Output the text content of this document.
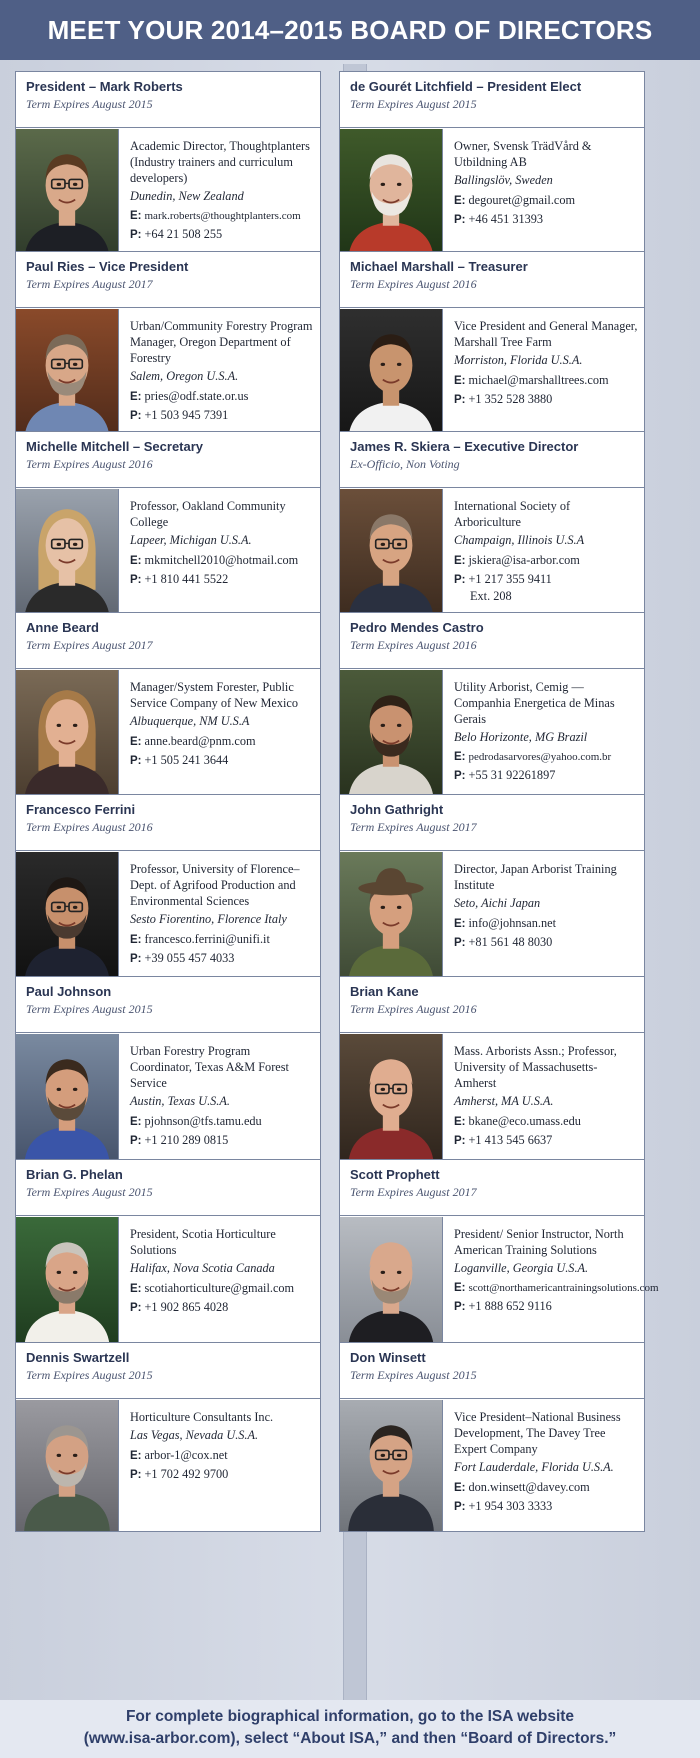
MEET YOUR 2014–2015 BOARD OF DIRECTORS
President – Mark Roberts
Term Expires August 2015
Academic Director, Thoughtplanters (Industry trainers and curriculum developers)
Dunedin, New Zealand
E: mark.roberts@thoughtplanters.com
P: +64 21 508 255
de Gourét Litchfield – President Elect
Term Expires August 2015
Owner, Svensk TrädVård & Utbildning AB
Ballingslöv, Sweden
E: degouret@gmail.com
P: +46 451 31393
Paul Ries – Vice President
Term Expires August 2017
Urban/Community Forestry Program Manager, Oregon Department of Forestry
Salem, Oregon U.S.A.
E: pries@odf.state.or.us
P: +1 503 945 7391
Michael Marshall – Treasurer
Term Expires August 2016
Vice President and General Manager, Marshall Tree Farm
Morriston, Florida U.S.A.
E: michael@marshalltrees.com
P: +1 352 528 3880
Michelle Mitchell – Secretary
Term Expires August 2016
Professor, Oakland Community College
Lapeer, Michigan U.S.A.
E: mkmitchell2010@hotmail.com
P: +1 810 441 5522
James R. Skiera – Executive Director
Ex-Officio, Non Voting
International Society of Arboriculture
Champaign, Illinois U.S.A
E: jskiera@isa-arbor.com
P: +1 217 355 9411
Ext. 208
Anne Beard
Term Expires August 2017
Manager/System Forester, Public Service Company of New Mexico
Albuquerque, NM U.S.A
E: anne.beard@pnm.com
P: +1 505 241 3644
Pedro Mendes Castro
Term Expires August 2016
Utility Arborist, Cemig —Companhia Energetica de Minas Gerais
Belo Horizonte, MG Brazil
E: pedrodasarvores@yahoo.com.br
P: +55 31 92261897
Francesco Ferrini
Term Expires August 2016
Professor, University of Florence–Dept. of Agrifood Production and Environmental Sciences
Sesto Fiorentino, Florence Italy
E: francesco.ferrini@unifi.it
P: +39 055 457 4033
John Gathright
Term Expires August 2017
Director, Japan Arborist Training Institute
Seto, Aichi Japan
E: info@johnsan.net
P: +81 561 48 8030
Paul Johnson
Term Expires August 2015
Urban Forestry Program Coordinator, Texas A&M Forest Service
Austin, Texas U.S.A.
E: pjohnson@tfs.tamu.edu
P: +1 210 289 0815
Brian Kane
Term Expires August 2016
Mass. Arborists Assn.; Professor, University of Massachusetts-Amherst
Amherst, MA U.S.A.
E: bkane@eco.umass.edu
P: +1 413 545 6637
Brian G. Phelan
Term Expires August 2015
President, Scotia Horticulture Solutions
Halifax, Nova Scotia Canada
E: scotiahorticulture@gmail.com
P: +1 902 865 4028
Scott Prophett
Term Expires August 2017
President/ Senior Instructor, North American Training Solutions
Loganville, Georgia U.S.A.
E: scott@northamericantrainingsolutions.com
P: +1 888 652 9116
Dennis Swartzell
Term Expires August 2015
Horticulture Consultants Inc.
Las Vegas, Nevada U.S.A.
E: arbor-1@cox.net
P: +1 702 492 9700
Don Winsett
Term Expires August 2015
Vice President–National Business Development, The Davey Tree Expert Company
Fort Lauderdale, Florida U.S.A.
E: don.winsett@davey.com
P: +1 954 303 3333
For complete biographical information, go to the ISA website
(www.isa-arbor.com), select “About ISA,” and then “Board of Directors.”
